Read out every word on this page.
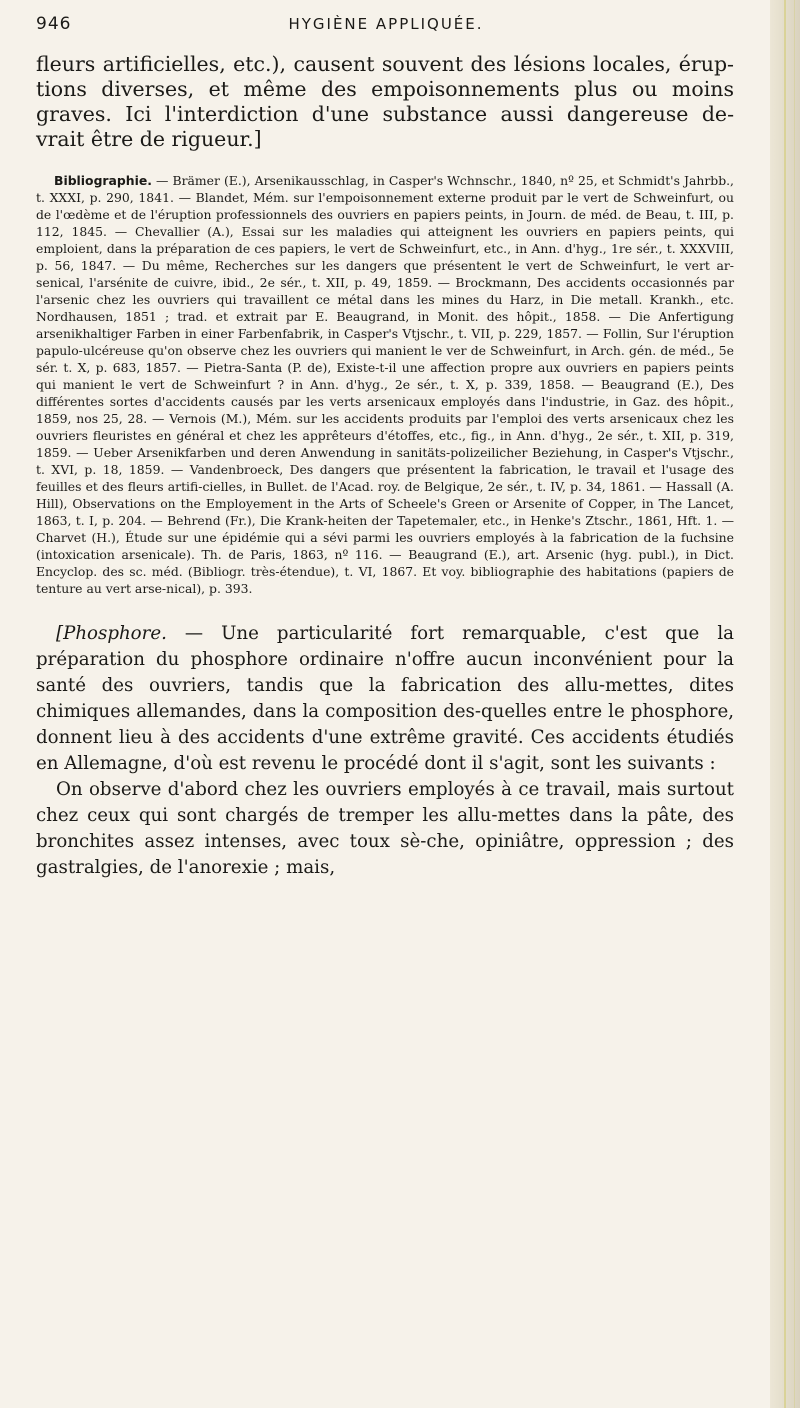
946	HYGIÈNE APPLIQUÉE.

fleurs artificielles, etc.), causent souvent des lésions locales, érup-tions diverses, et même des empoisonnements plus ou moins graves. Ici l'interdiction d'une substance aussi dangereuse de-vrait être de rigueur.]

Bibliographie. — Brämer (E.), Arsenikausschlag, in Casper's Wchnschr., 1840, nº 25, et Schmidt's Jahrbb., t. XXXI, p. 290, 1841. — Blandet, Mém. sur l'empoisonnement externe produit par le vert de Schweinfurt, ou de l'œdème et de l'éruption professionnels des ouvriers en papiers peints, in Journ. de méd. de Beau, t. III, p. 112, 1845. — Chevallier (A.), Essai sur les maladies qui atteignent les ouvriers en papiers peints, qui emploient, dans la préparation de ces papiers, le vert de Schweinfurt, etc., in Ann. d'hyg., 1re sér., t. XXXVIII, p. 56, 1847. — Du même, Recherches sur les dangers que présentent le vert de Schweinfurt, le vert ar-senical, l'arsénite de cuivre, ibid., 2e sér., t. XII, p. 49, 1859. — Brockmann, Des accidents occasionnés par l'arsenic chez les ouvriers qui travaillent ce métal dans les mines du Harz, in Die metall. Krankh., etc. Nordhausen, 1851 ; trad. et extrait par E. Beaugrand, in Monit. des hôpit., 1858. — Die Anfertigung arsenikhaltiger Farben in einer Farbenfabrik, in Casper's Vtjschr., t. VII, p. 229, 1857. — Follin, Sur l'éruption papulo-ulcéreuse qu'on observe chez les ouvriers qui manient le ver de Schweinfurt, in Arch. gén. de méd., 5e sér. t. X, p. 683, 1857. — Pietra-Santa (P. de), Existe-t-il une affection propre aux ouvriers en papiers peints qui manient le vert de Schweinfurt ? in Ann. d'hyg., 2e sér., t. X, p. 339, 1858. — Beaugrand (E.), Des différentes sortes d'accidents causés par les verts arsenicaux employés dans l'industrie, in Gaz. des hôpit., 1859, nos 25, 28. — Vernois (M.), Mém. sur les accidents produits par l'emploi des verts arsenicaux chez les ouvriers fleuristes en général et chez les apprêteurs d'étoffes, etc., fig., in Ann. d'hyg., 2e sér., t. XII, p. 319, 1859. — Ueber Arsenikfarben und deren Anwendung in sanitäts-polizeilicher Beziehung, in Casper's Vtjschr., t. XVI, p. 18, 1859. — Vandenbroeck, Des dangers que présentent la fabrication, le travail et l'usage des feuilles et des fleurs artifi-cielles, in Bullet. de l'Acad. roy. de Belgique, 2e sér., t. IV, p. 34, 1861. — Hassall (A. Hill), Observations on the Employement in the Arts of Scheele's Green or Arsenite of Copper, in The Lancet, 1863, t. I, p. 204. — Behrend (Fr.), Die Krank-heiten der Tapetemaler, etc., in Henke's Ztschr., 1861, Hft. 1. — Charvet (H.), Étude sur une épidémie qui a sévi parmi les ouvriers employés à la fabrication de la fuchsine (intoxication arsenicale). Th. de Paris, 1863, nº 116. — Beaugrand (E.), art. Arsenic (hyg. publ.), in Dict. Encyclop. des sc. méd. (Bibliogr. très-étendue), t. VI, 1867. Et voy. bibliographie des habitations (papiers de tenture au vert arse-nical), p. 393.

[Phosphore. — Une particularité fort remarquable, c'est que la préparation du phosphore ordinaire n'offre aucun inconvénient pour la santé des ouvriers, tandis que la fabrication des allu-mettes, dites chimiques allemandes, dans la composition des-quelles entre le phosphore, donnent lieu à des accidents d'une extrême gravité. Ces accidents étudiés en Allemagne, d'où est revenu le procédé dont il s'agit, sont les suivants :

On observe d'abord chez les ouvriers employés à ce travail, mais surtout chez ceux qui sont chargés de tremper les allu-mettes dans la pâte, des bronchites assez intenses, avec toux sè-che, opiniâtre, oppression ; des gastralgies, de l'anorexie ; mais,
